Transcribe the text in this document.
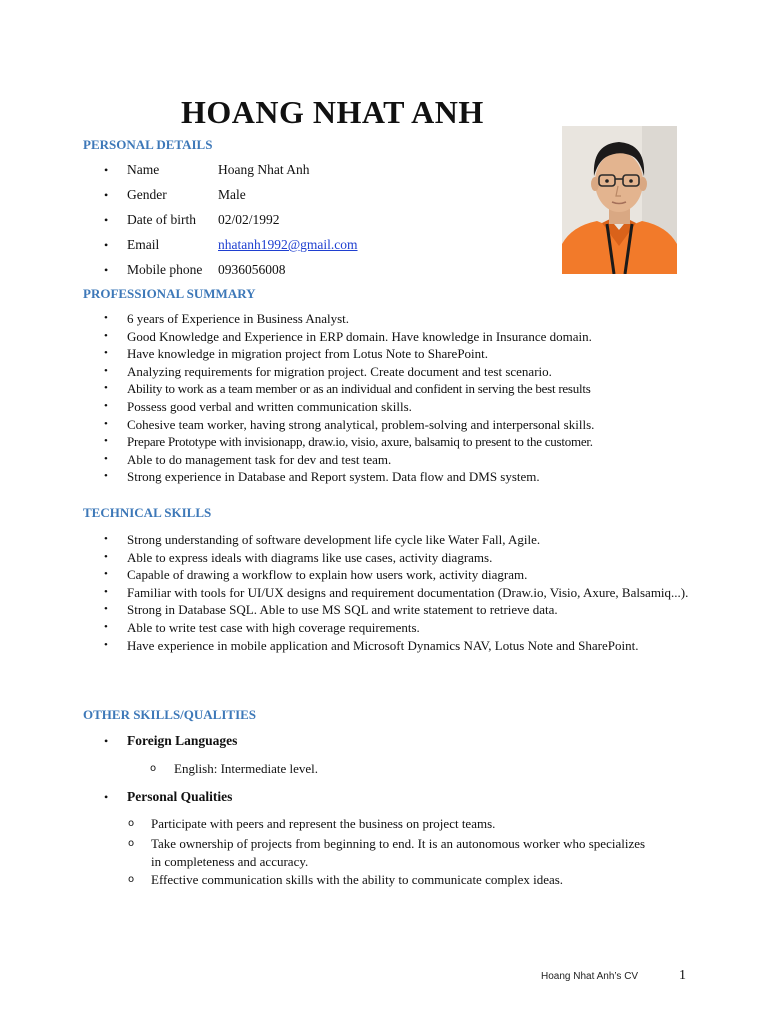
HOANG NHAT ANH
PERSONAL DETAILS
•	Name	Hoang Nhat Anh
•	Gender	Male
•	Date of birth	02/02/1992
•	Email	nhatanh1992@gmail.com
•	Mobile phone	0936056008
PROFESSIONAL SUMMARY
•	6 years of Experience in Business Analyst.
•	Good Knowledge and Experience in ERP domain. Have knowledge in Insurance domain.
•	Have knowledge in migration project from Lotus Note to SharePoint.
•	Analyzing requirements for migration project. Create document and test scenario.
•	Ability to work as a team member or as an individual and confident in serving the best results
•	Possess good verbal and written communication skills.
•	Cohesive team worker, having strong analytical, problem-solving and interpersonal skills.
•	Prepare Prototype with invisionapp, draw.io, visio, axure, balsamiq to present to the customer.
•	Able to do management task for dev and test team.
•	Strong experience in Database and Report system. Data flow and DMS system.
TECHNICAL SKILLS
•	Strong understanding of software development life cycle like Water Fall, Agile.
•	Able to express ideals with diagrams like use cases, activity diagrams.
•	Capable of drawing a workflow to explain how users work, activity diagram.
•	Familiar with tools for UI/UX designs and requirement documentation (Draw.io, Visio, Axure, Balsamiq...).
•	Strong in Database SQL. Able to use MS SQL and write statement to retrieve data.
•	Able to write test case with high coverage requirements.
•	Have experience in mobile application and Microsoft Dynamics NAV, Lotus Note and SharePoint.
OTHER SKILLS/QUALITIES
•	Foreign Languages
o	English: Intermediate level.
•	Personal Qualities
o	Participate with peers and represent the business on project teams.
o	Take ownership of projects from beginning to end. It is an autonomous worker who specializes in completeness and accuracy.
o	Effective communication skills with the ability to communicate complex ideas.
Hoang Nhat Anh’s CV	1
